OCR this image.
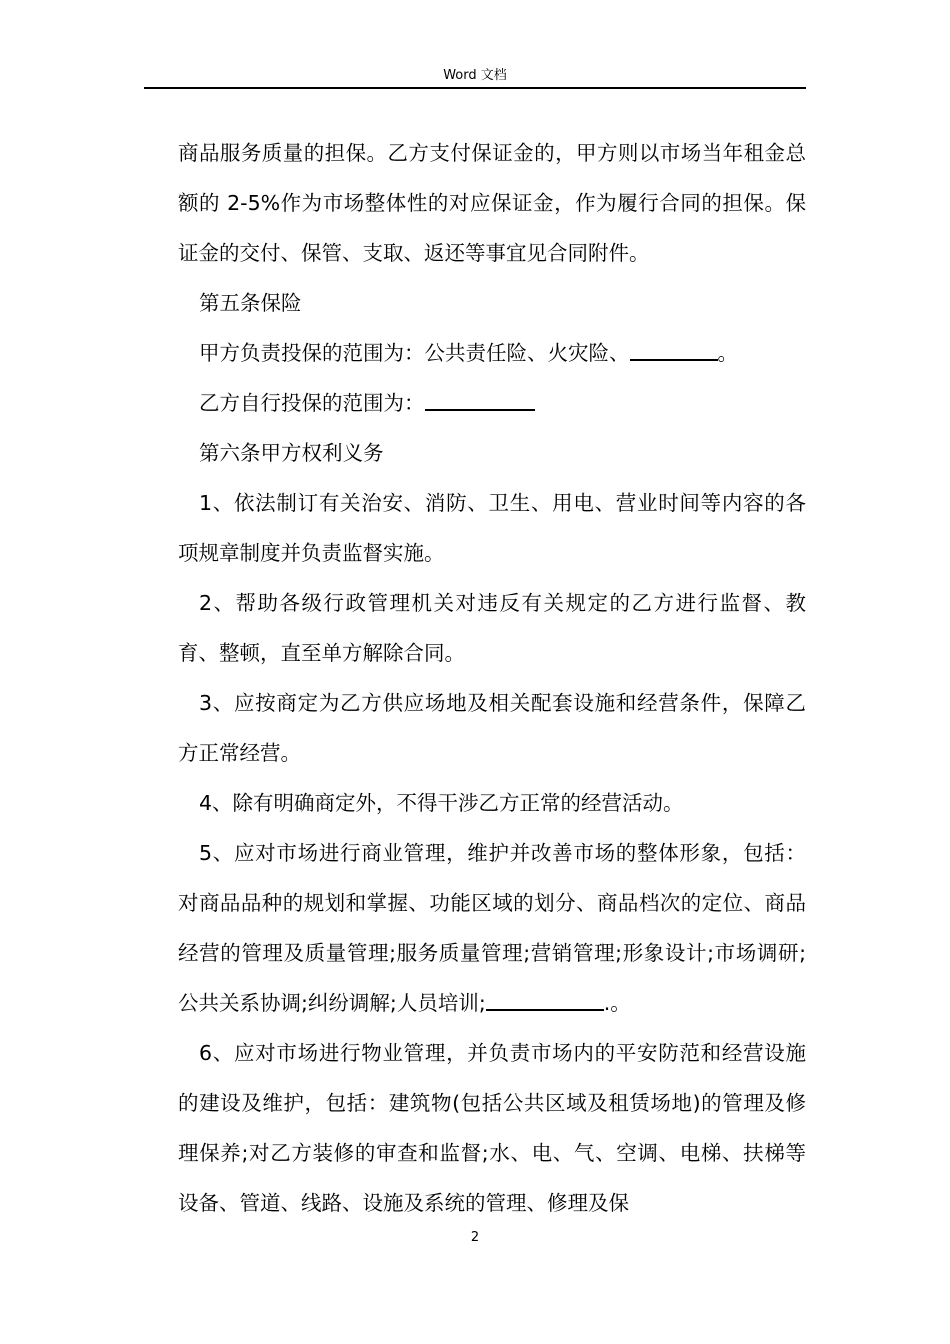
Word 文档

商品服务质量的担保。乙方支付保证金的，甲方则以市场当年租金总额的 2-5%作为市场整体性的对应保证金，作为履行合同的担保。保证金的交付、保管、支取、返还等事宜见合同附件。

第五条保险

甲方负责投保的范围为：公共责任险、火灾险、	。

乙方自行投保的范围为：

第六条甲方权利义务

1、依法制订有关治安、消防、卫生、用电、营业时间等内容的各项规章制度并负责监督实施。

2、帮助各级行政管理机关对违反有关规定的乙方进行监督、教育、整顿，直至单方解除合同。

3、应按商定为乙方供应场地及相关配套设施和经营条件，保障乙方正常经营。

4、除有明确商定外，不得干涉乙方正常的经营活动。

5、应对市场进行商业管理，维护并改善市场的整体形象，包括：对商品品种的规划和掌握、功能区域的划分、商品档次的定位、商品经营的管理及质量管理;服务质量管理;营销管理;形象设计;市场调研;公共关系协调;纠纷调解;人员培训;	.。

6、应对市场进行物业管理，并负责市场内的平安防范和经营设施的建设及维护，包括：建筑物(包括公共区域及租赁场地)的管理及修理保养;对乙方装修的审查和监督;水、电、气、空调、电梯、扶梯等设备、管道、线路、设施及系统的管理、修理及保

2
